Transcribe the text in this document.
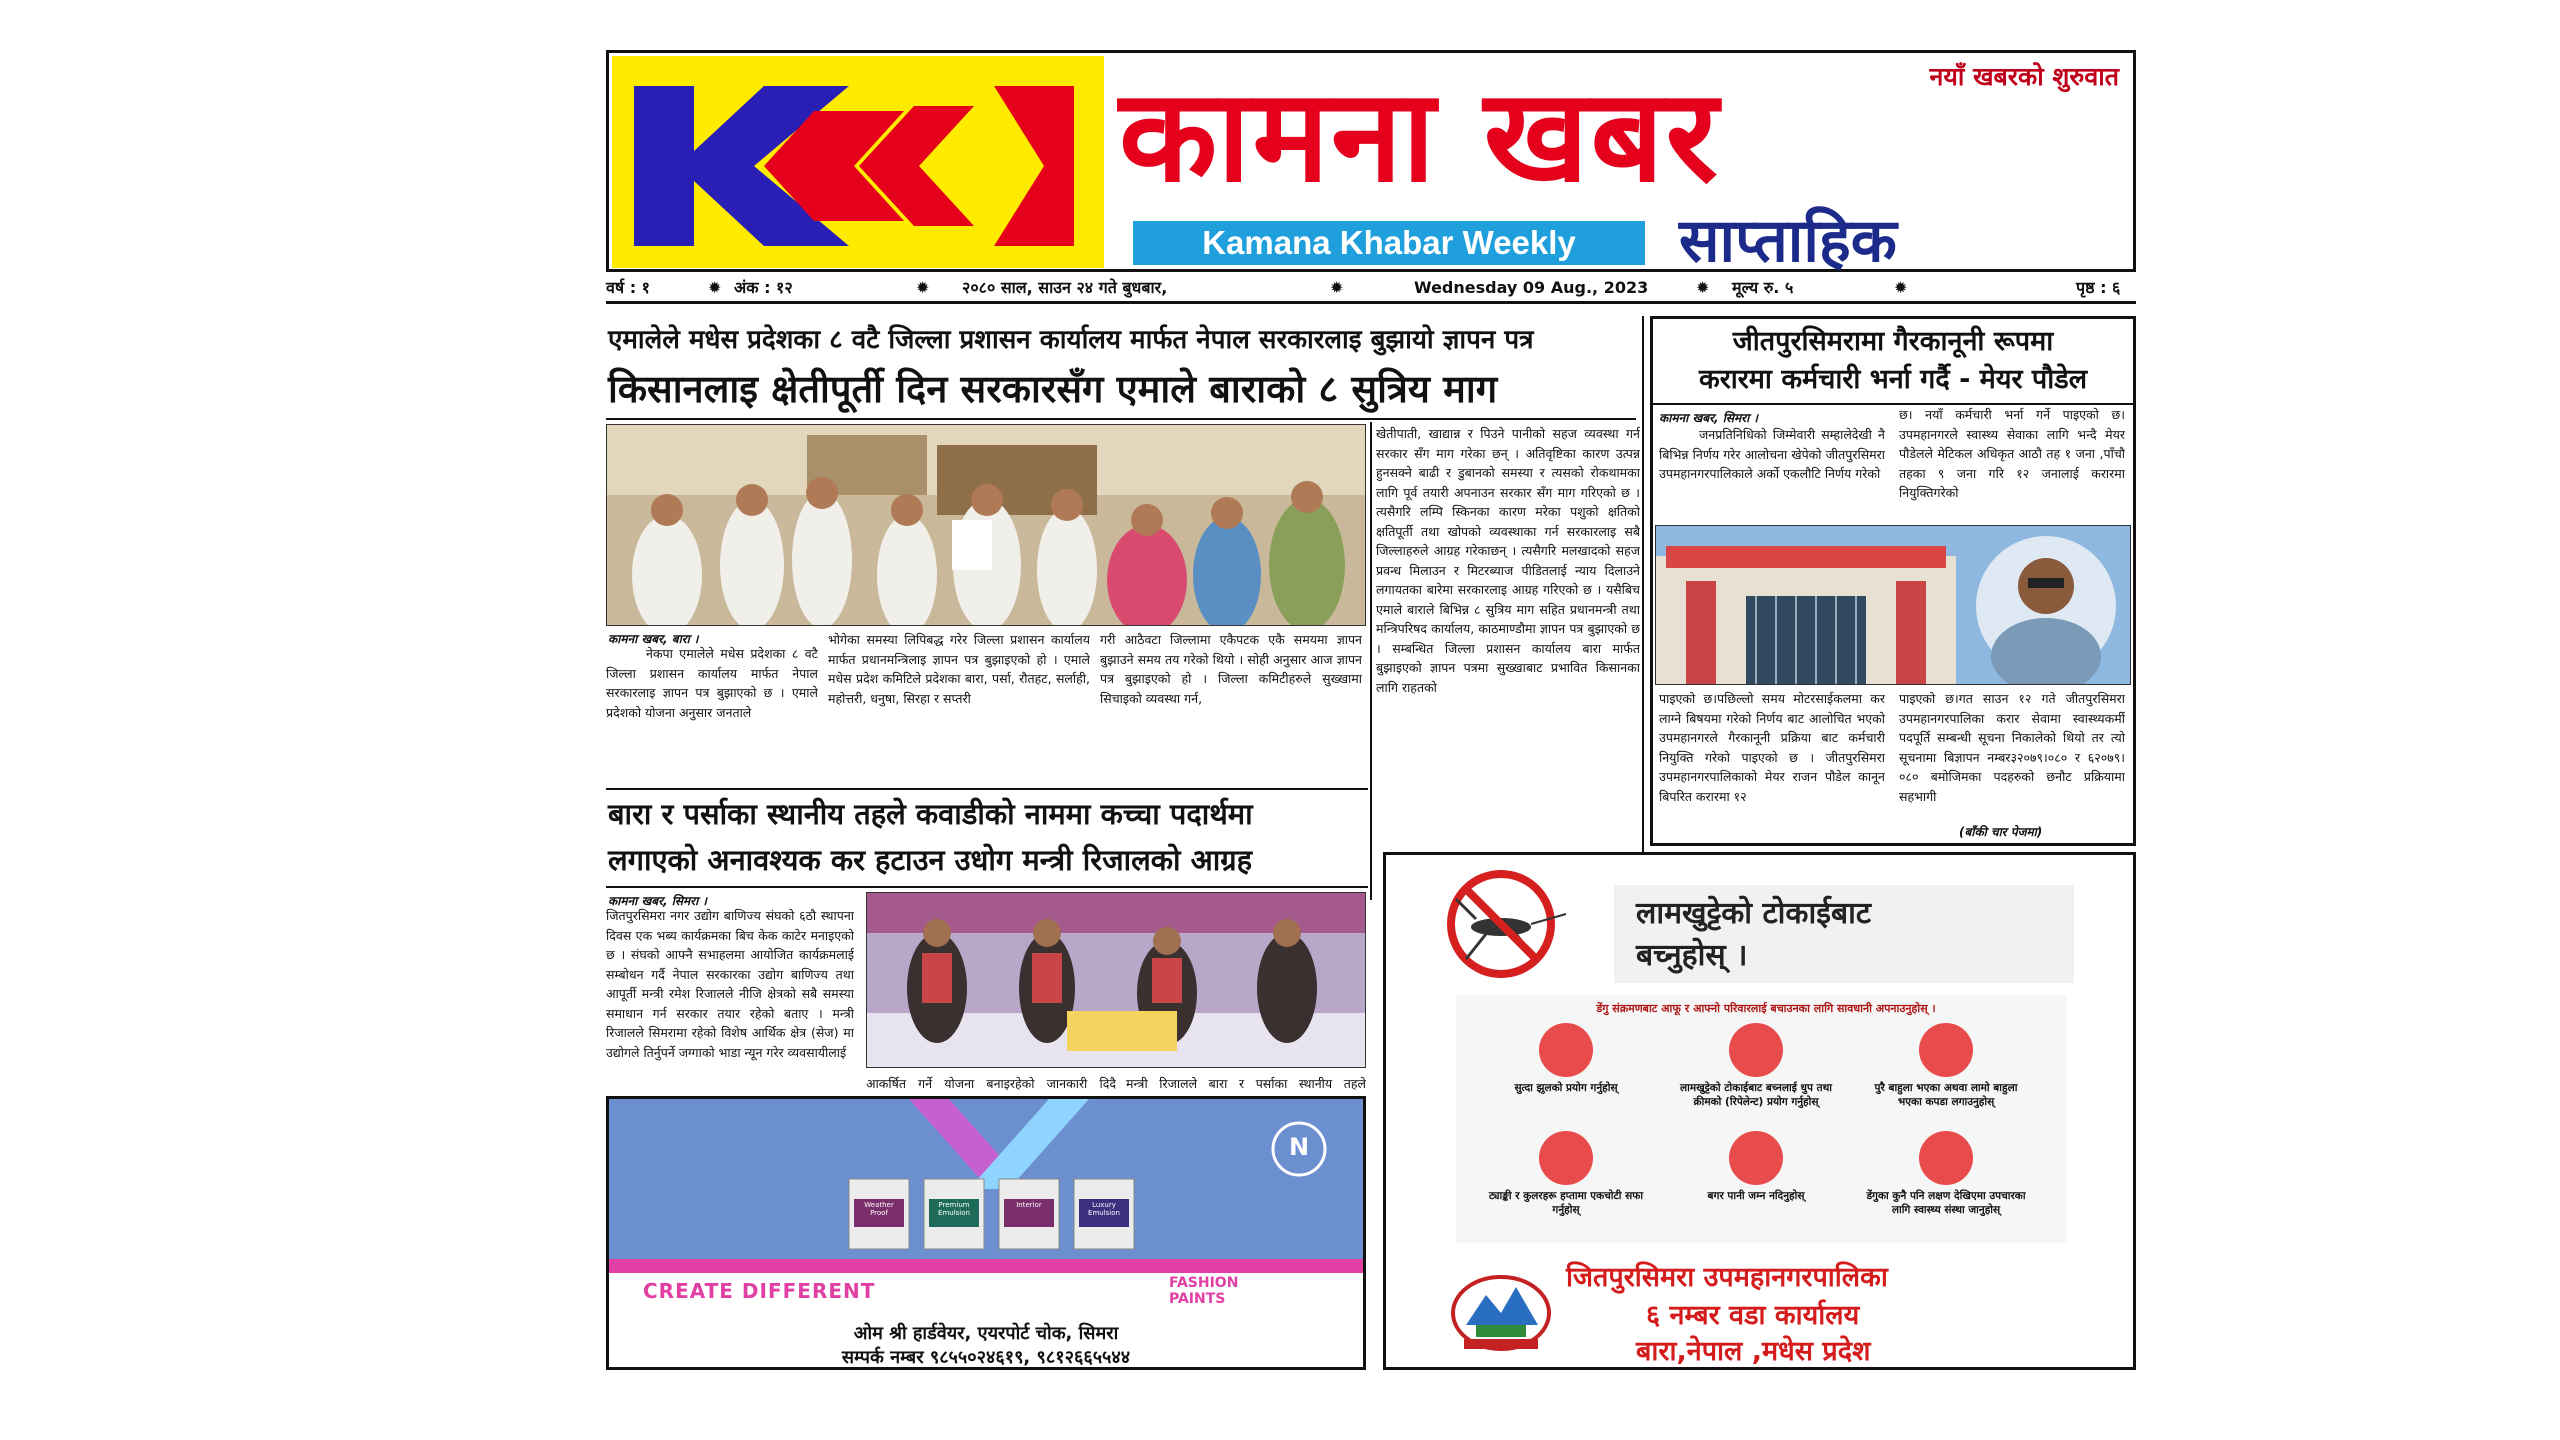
नयाँ खबरको शुरुवात
कामना खबर
Kamana Khabar Weekly	साप्ताहिक
वर्ष : १	✹ अंक : १२	✹ २०८० साल, साउन २४ गते बुधबार,	✹	Wednesday 09 Aug., 2023	✹ मूल्य रु. ५	✹	पृष्ठ : ६
एमालेले मधेस प्रदेशका ८ वटै जिल्ला प्रशासन कार्यालय मार्फत नेपाल सरकारलाइ बुझायो ज्ञापन पत्र
किसानलाइ क्षेतीपूर्ती दिन सरकारसँग एमाले बाराको ८ सुत्रिय माग
कामना खबर, बारा ।
नेकपा एमालेले मधेस प्रदेशका ८ वटै जिल्ला प्रशासन कार्यालय मार्फत नेपाल सरकारलाइ ज्ञापन पत्र बुझाएको छ । एमाले प्रदेशको योजना अनुसार जनताले
भोगेका समस्या लिपिबद्ध गरेर जिल्ला प्रशासन कार्यालय मार्फत प्रधानमन्त्रिलाइ ज्ञापन पत्र बुझाइएको हो । एमाले मधेस प्रदेश कमिटिले प्रदेशका बारा, पर्सा, रौतहट, सर्लाही, महोत्तरी, धनुषा, सिरहा र सप्तरी
गरी आठैवटा जिल्लामा एकैपटक एकै समयमा ज्ञापन बुझाउने समय तय गरेको थियो । सोही अनुसार आज ज्ञापन पत्र बुझाइएको हो । जिल्ला कमिटीहरुले सुख्खामा सिचाइको व्यवस्था गर्न,
खेतीपाती, खाद्यान्न र पिउने पानीको सहज व्यवस्था गर्न सरकार सँग माग गरेका छन् । अतिवृष्टिका कारण उत्पन्न हुनसक्ने बाढी र डुबानको समस्या र त्यसको रोकथामका लागि पूर्व तयारी अपनाउन सरकार सँग माग गरिएको छ । त्यसैगरि लम्पि स्किनका कारण मरेका पशुको क्षतिको क्षतिपूर्ती तथा खोपको व्यवस्थाका गर्न सरकारलाइ सबै जिल्लाहरुले आग्रह गरेकाछन् । त्यसैगरि मलखादको सहज प्रवन्ध मिलाउन र मिटरब्याज पीडितलाई न्याय दिलाउने लगायतका बारेमा सरकारलाइ आग्रह गरिएको छ । यसैबिच एमाले बाराले बिभिन्न ८ सुत्रिय माग सहित प्रधानमन्त्री तथा मन्त्रिपरिषद कार्यालय, काठमाण्डौमा ज्ञापन पत्र बुझाएको छ । सम्बन्धित जिल्ला प्रशासन कार्यालय बारा मार्फत बुझाइएको ज्ञापन पत्रमा सुख्खाबाट प्रभावित किसानका लागि राहतको
बारा र पर्साका स्थानीय तहले कवाडीको नाममा कच्चा पदार्थमा
लगाएको अनावश्यक कर हटाउन उधोग मन्त्री रिजालको आग्रह
कामना खबर, सिमरा ।
जितपुरसिमरा नगर उद्योग बाणिज्य संघको ६ठौ स्थापना दिवस एक भब्य कार्यक्रमका बिच केक काटेर मनाइएको छ । संघको आफ्नै सभाहलमा आयोजित कार्यक्रमलाई सम्बोधन गर्दै नेपाल सरकारका उद्योग बाणिज्य तथा आपूर्ती मन्त्री रमेश रिजालले नीजि क्षेत्रको सबै समस्या समाधान गर्न सरकार तयार रहेको बताए । मन्त्री रिजालले सिमरामा रहेको विशेष आर्थिक क्षेत्र (सेज) मा उद्योगले तिर्नुपर्ने जग्गाको भाडा न्यून गरेर व्यवसायीलाई
आकर्षित गर्ने योजना बनाइरहेको जानकारी दिदै मन्त्री रिजालले बारा र पर्साका स्थानीय तहले
जीतपुरसिमरामा गैरकानूनी रूपमा
करारमा कर्मचारी भर्ना गर्दै - मेयर पौडेल
कामना खबर, सिमरा ।
जनप्रतिनिधिको जिम्मेवारी सम्हालेदेखी नै बिभिन्न निर्णय गरेर आलोचना खेपेको जीतपुरसिमरा उपमहानगरपालिकाले अर्को एकलौटि निर्णय गरेको
छ। नयाँ कर्मचारी भर्ना गर्ने पाइएको छ।उपमहानगरले स्वास्थ्य सेवाका लागि भन्दै मेयर पौडेलले मेटिकल अधिकृत आठौ तह १ जना ,पाँचौ तहका ९ जना गरि १२ जनालाई करारमा नियुक्तिगरेको
पाइएको छ।पछिल्लो समय मोटरसाईकलमा कर लाग्ने बिषयमा गरेको निर्णय बाट आलोचित भएको उपमहानगरले गैरकानूनी प्रक्रिया बाट कर्मचारी नियुक्ति गरेको पाइएको छ । जीतपुरसिमरा उपमहानगरपालिकाको मेयर राजन पौडेल कानून बिपरित करारमा १२
पाइएको छ।गत साउन १२ गते जीतपुरसिमरा उपमहानगरपालिका करार सेवामा स्वास्थ्यकर्मी पदपूर्ति सम्बन्धी सूचना निकालेको थियो तर त्यो सूचनामा बिज्ञापन नम्बर३२०७९।०८० र ६२०७९।०८० बमोजिमका पदहरुको छनौट प्रक्रियामा सहभागी
(बाँकी चार पेजमा)
लामखुट्टेको टोकाईबाट
बच्नुहोस् ।
डेंगु संक्रमणबाट आफू र आफ्नो परिवारलाई बचाउनका लागि सावधानी अपनाउनुहोस् ।
सुत्दा झुलको प्रयोग गर्नुहोस्	लामखुट्टेको टोकाईबाट बच्नलाई धुप तथा क्रीमको (रिपेलेन्ट) प्रयोग गर्नुहोस्
पुरै बाहुला भएका अथवा लामो बाहुला भएका कपडा लगाउनुहोस्
ट्याङ्की र कुलरहरू हप्तामा एकचोटी सफा गर्नुहोस्
बगर पानी जम्न नदिनुहोस्	डेंगुका कुनै पनि लक्षण देखिएमा उपचारका लागि स्वास्थ्य संस्था जानुहोस्
जितपुरसिमरा उपमहानगरपालिका
६ नम्बर वडा कार्यालय
बारा,नेपाल ,मधेस प्रदेश
Weather Proof
Premium Emulsion
Interior	Luxury Emulsion
N
CREATE DIFFERENT	FASHION
PAINTS
ओम श्री हार्डवेयर, एयरपोर्ट चोक, सिमरा
सम्पर्क नम्बर ९८५५०२४६१९, ९८१२६६५५४४
